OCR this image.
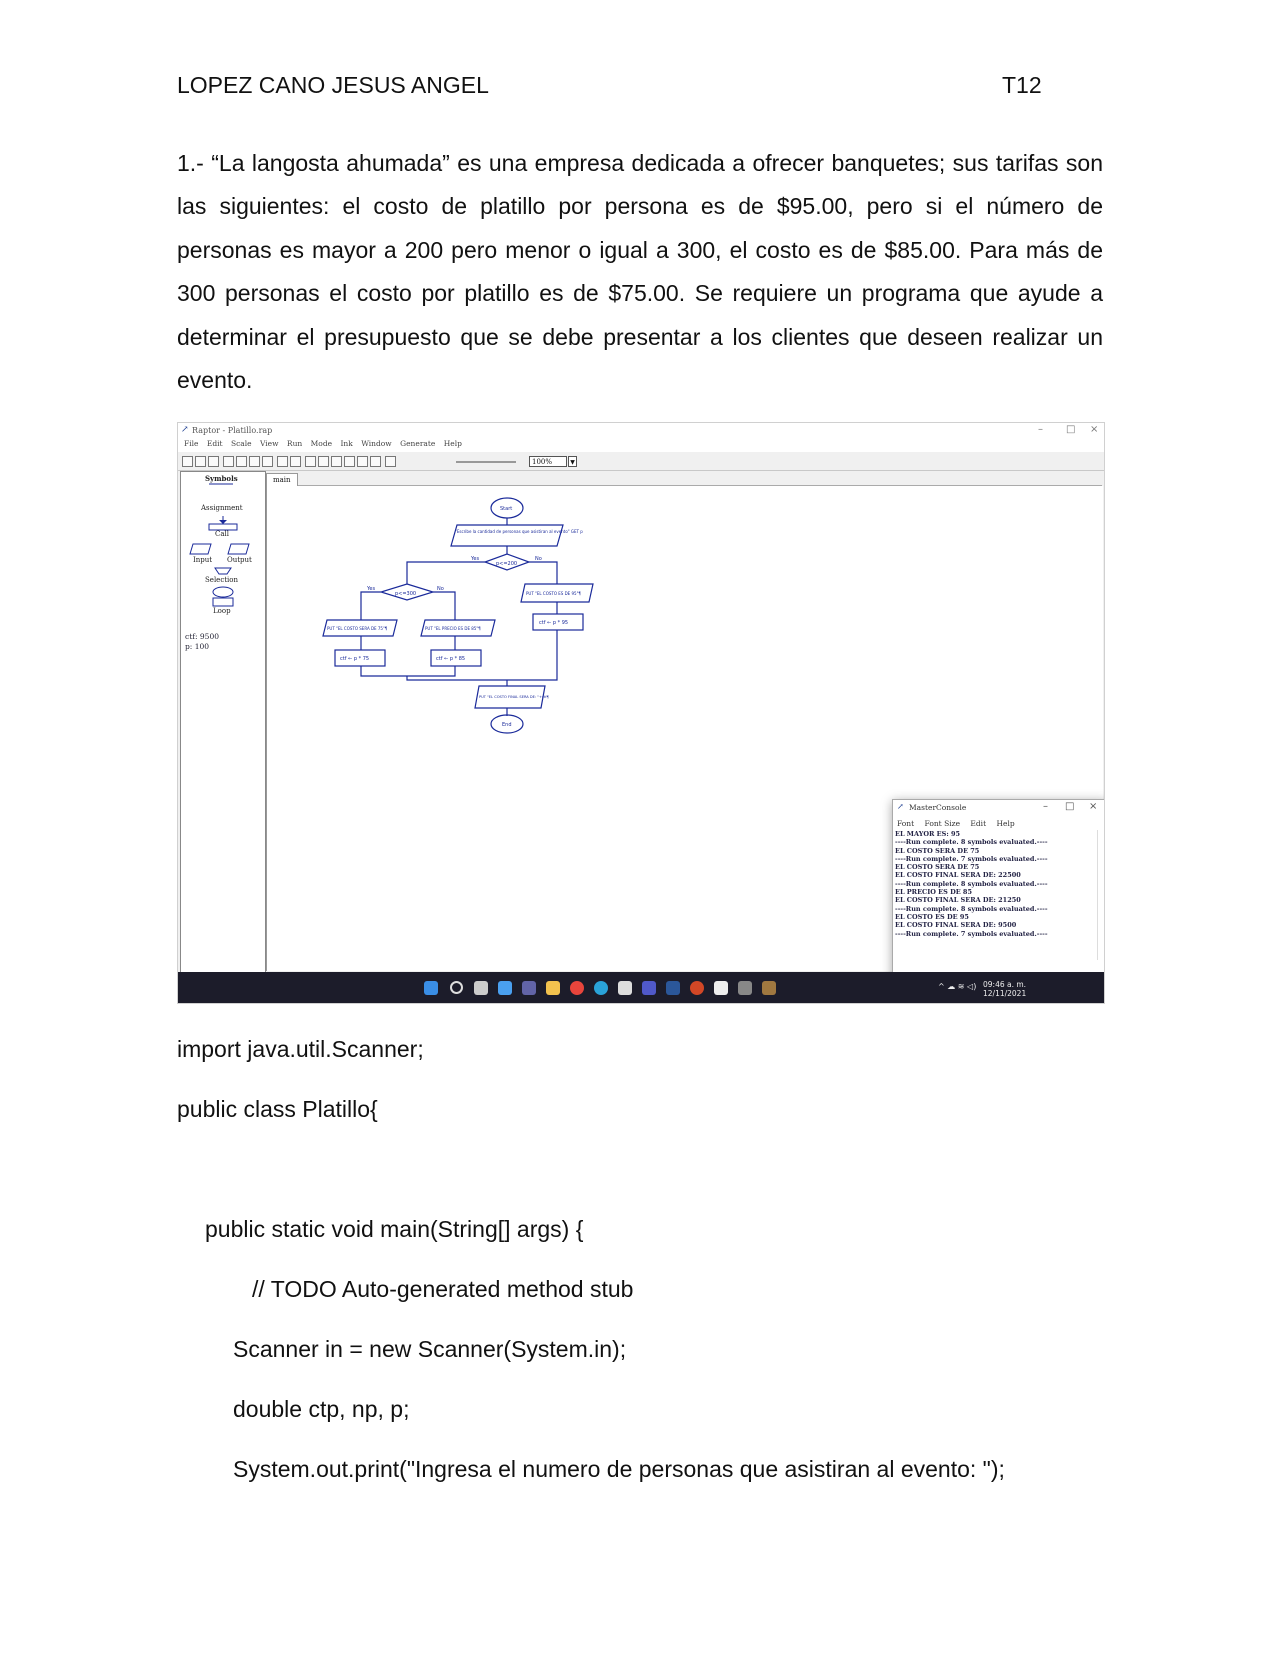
LOPEZ CANO JESUS ANGEL	T12

1.- “La langosta ahumada” es una empresa dedicada a ofrecer banquetes; sus tarifas son las siguientes: el costo de platillo por persona es de $95.00, pero si el número de personas es mayor a 200 pero menor o igual a 300, el costo es de $85.00. Para más de 300 personas el costo por platillo es de $75.00. Se requiere un programa que ayude a determinar el presupuesto que se debe presentar a los clientes que deseen realizar un evento.

↗ Raptor - Platillo.rap	– □ ×
File Edit Scale View Run Mode Ink Window Generate Help
100%	▼
Symbols
Assignment
Call
Input Output
Selection
Loop
ctf: 9500
p: 100
main
Start
"Escribe la cantidad de personas que asistiran al evento" GET p
p<=200
Yes	No
p<=300
Yes	No
PUT "EL COSTO ES DE 95"¶
ctf ← p * 95
PUT "EL COSTO SERA DE 75"¶
ctf ← p * 75
PUT "EL PRECIO ES DE 85"¶
ctf ← p * 85
PUT "EL COSTO FINAL SERA DE: "+ctf¶
End
↗ MasterConsole	– □ ×
Font Font Size Edit Help
EL MAYOR ES: 95
----Run complete. 8 symbols evaluated.----
EL COSTO SERA DE 75
----Run complete. 7 symbols evaluated.----
EL COSTO SERA DE 75
EL COSTO FINAL SERA DE: 22500
----Run complete. 8 symbols evaluated.----
EL PRECIO ES DE 85
EL COSTO FINAL SERA DE: 21250
----Run complete. 8 symbols evaluated.----
EL COSTO ES DE 95
EL COSTO FINAL SERA DE: 9500
----Run complete. 7 symbols evaluated.----
^ ☁ ≋ ◁) 09:46 a. m.
12/11/2021
import java.util.Scanner;
public class Platillo{
public static void main(String[] args) {
// TODO Auto-generated method stub
Scanner in = new Scanner(System.in);
double ctp, np, p;
System.out.print("Ingresa el numero de personas que asistiran al evento: ");
